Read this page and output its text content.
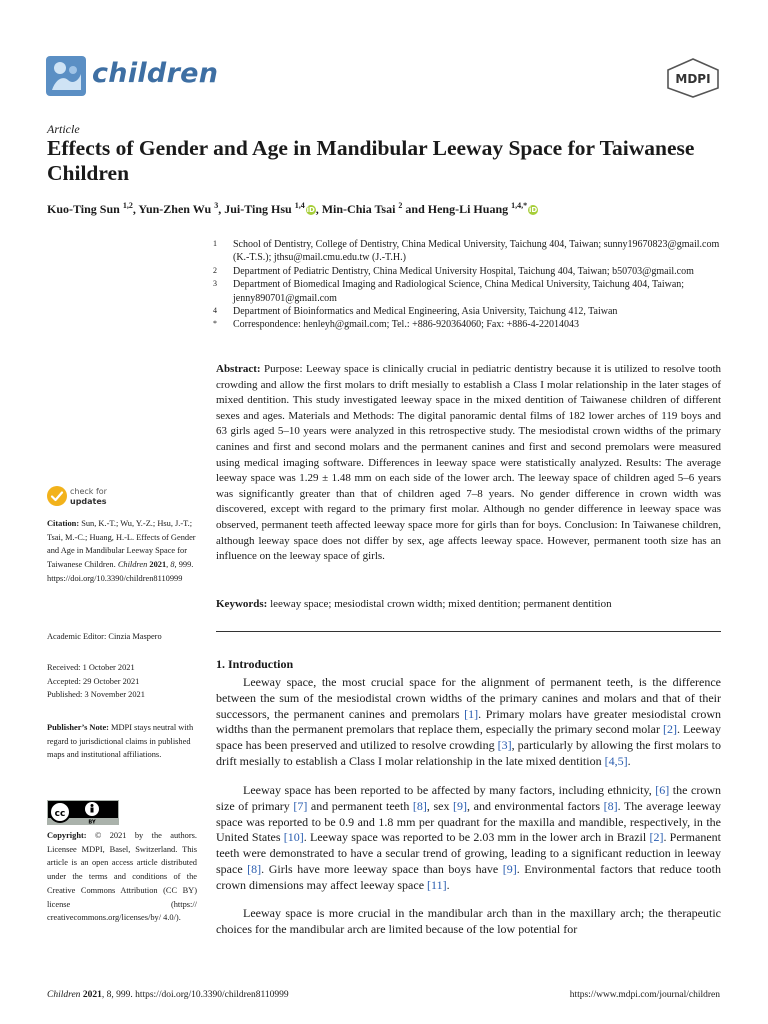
children	MDPI
Article
Effects of Gender and Age in Mandibular Leeway Space for Taiwanese Children
Kuo-Ting Sun $^{1,2}$, Yun-Zhen Wu $^3$, Jui-Ting Hsu $^{1,4}$ iD, Min-Chia Tsai $^2$ and Heng-Li Huang $^{1,4,*}$ iD
1	School of Dentistry, College of Dentistry, China Medical University, Taichung 404, Taiwan; sunny19670823@gmail.com (K.-T.S.); jthsu@mail.cmu.edu.tw (J.-T.H.)
2	Department of Pediatric Dentistry, China Medical University Hospital, Taichung 404, Taiwan; b50703@gmail.com
3	Department of Biomedical Imaging and Radiological Science, China Medical University, Taichung 404, Taiwan; jenny890701@gmail.com
4	Department of Bioinformatics and Medical Engineering, Asia University, Taichung 412, Taiwan
*	Correspondence: henleyh@gmail.com; Tel.: +886-920364060; Fax: +886-4-22014043

Abstract: Purpose: Leeway space is clinically crucial in pediatric dentistry because it is utilized to resolve tooth crowding and allow the first molars to drift mesially to establish a Class I molar relationship in the later stages of mixed dentition. This study investigated leeway space in the mixed dentition of Taiwanese children of different sexes and ages. Materials and Methods: The digital panoramic dental films of 182 lower arches of 119 boys and 63 girls aged 5–10 years were analyzed in this retrospective study. The mesiodistal crown widths of the primary canines and first and second molars and the permanent canines and first and second premolars were measured using medical imaging software. Differences in leeway space were statistically analyzed. Results: The average leeway space was 1.29 ± 1.48 mm on each side of the lower arch. The leeway space of children aged 5–6 years was significantly greater than that of children aged 7–8 years. No gender difference in crown width was discovered, except with regard to the primary first molar. Although no gender difference in leeway space was observed, permanent teeth affected leeway space more for girls than for boys. Conclusion: In Taiwanese children, although leeway space does not differ by sex, age affects leeway space. However, permanent tooth size has an influence on the leeway space of girls.

Keywords: leeway space; mesiodistal crown width; mixed dentition; permanent dentition

check for
updates
Citation: Sun, K.-T.; Wu, Y.-Z.; Hsu, J.-T.; Tsai, M.-C.; Huang, H.-L. Effects of Gender and Age in Mandibular Leeway Space for Taiwanese Children. Children 2021, 8, 999.
https://doi.org/10.3390/children8110999
Academic Editor: Cinzia Maspero
Received: 1 October 2021
Accepted: 29 October 2021
Published: 3 November 2021
Publisher’s Note: MDPI stays neutral with regard to jurisdictional claims in published maps and institutional affiliations.
cc
BY
Copyright: © 2021 by the authors. Licensee MDPI, Basel, Switzerland. This article is an open access article distributed under the terms and conditions of the Creative Commons Attribution (CC BY) license (https:// creativecommons.org/licenses/by/ 4.0/).
1. Introduction

Leeway space, the most crucial space for the alignment of permanent teeth, is the difference between the sum of the mesiodistal crown widths of the primary canines and molars and that of their successors, the permanent canines and premolars [1]. Primary molars have greater mesiodistal crown widths than the permanent premolars that replace them, especially the primary second molar [2]. Leeway space has been preserved and utilized to resolve crowding [3], particularly by allowing the first molars to drift mesially to establish a Class I molar relationship in the late mixed dentition [4,5].

Leeway space has been reported to be affected by many factors, including ethnicity, [6] the crown size of primary [7] and permanent teeth [8], sex [9], and environmental factors [8]. The average leeway space was reported to be 0.9 and 1.8 mm per quadrant for the maxilla and mandible, respectively, in the United States [10]. Leeway space was reported to be 2.03 mm in the lower arch in Brazil [2]. Permanent teeth were demonstrated to have a secular trend of growing, leading to a significant reduction in leeway space [8]. Girls have more leeway space than boys have [9]. Environmental factors that reduce tooth crown dimensions may affect leeway space [11].

Leeway space is more crucial in the mandibular arch than in the maxillary arch; the therapeutic choices for the mandibular arch are limited because of the low potential for

Children 2021, 8, 999. https://doi.org/10.3390/children8110999	https://www.mdpi.com/journal/children
